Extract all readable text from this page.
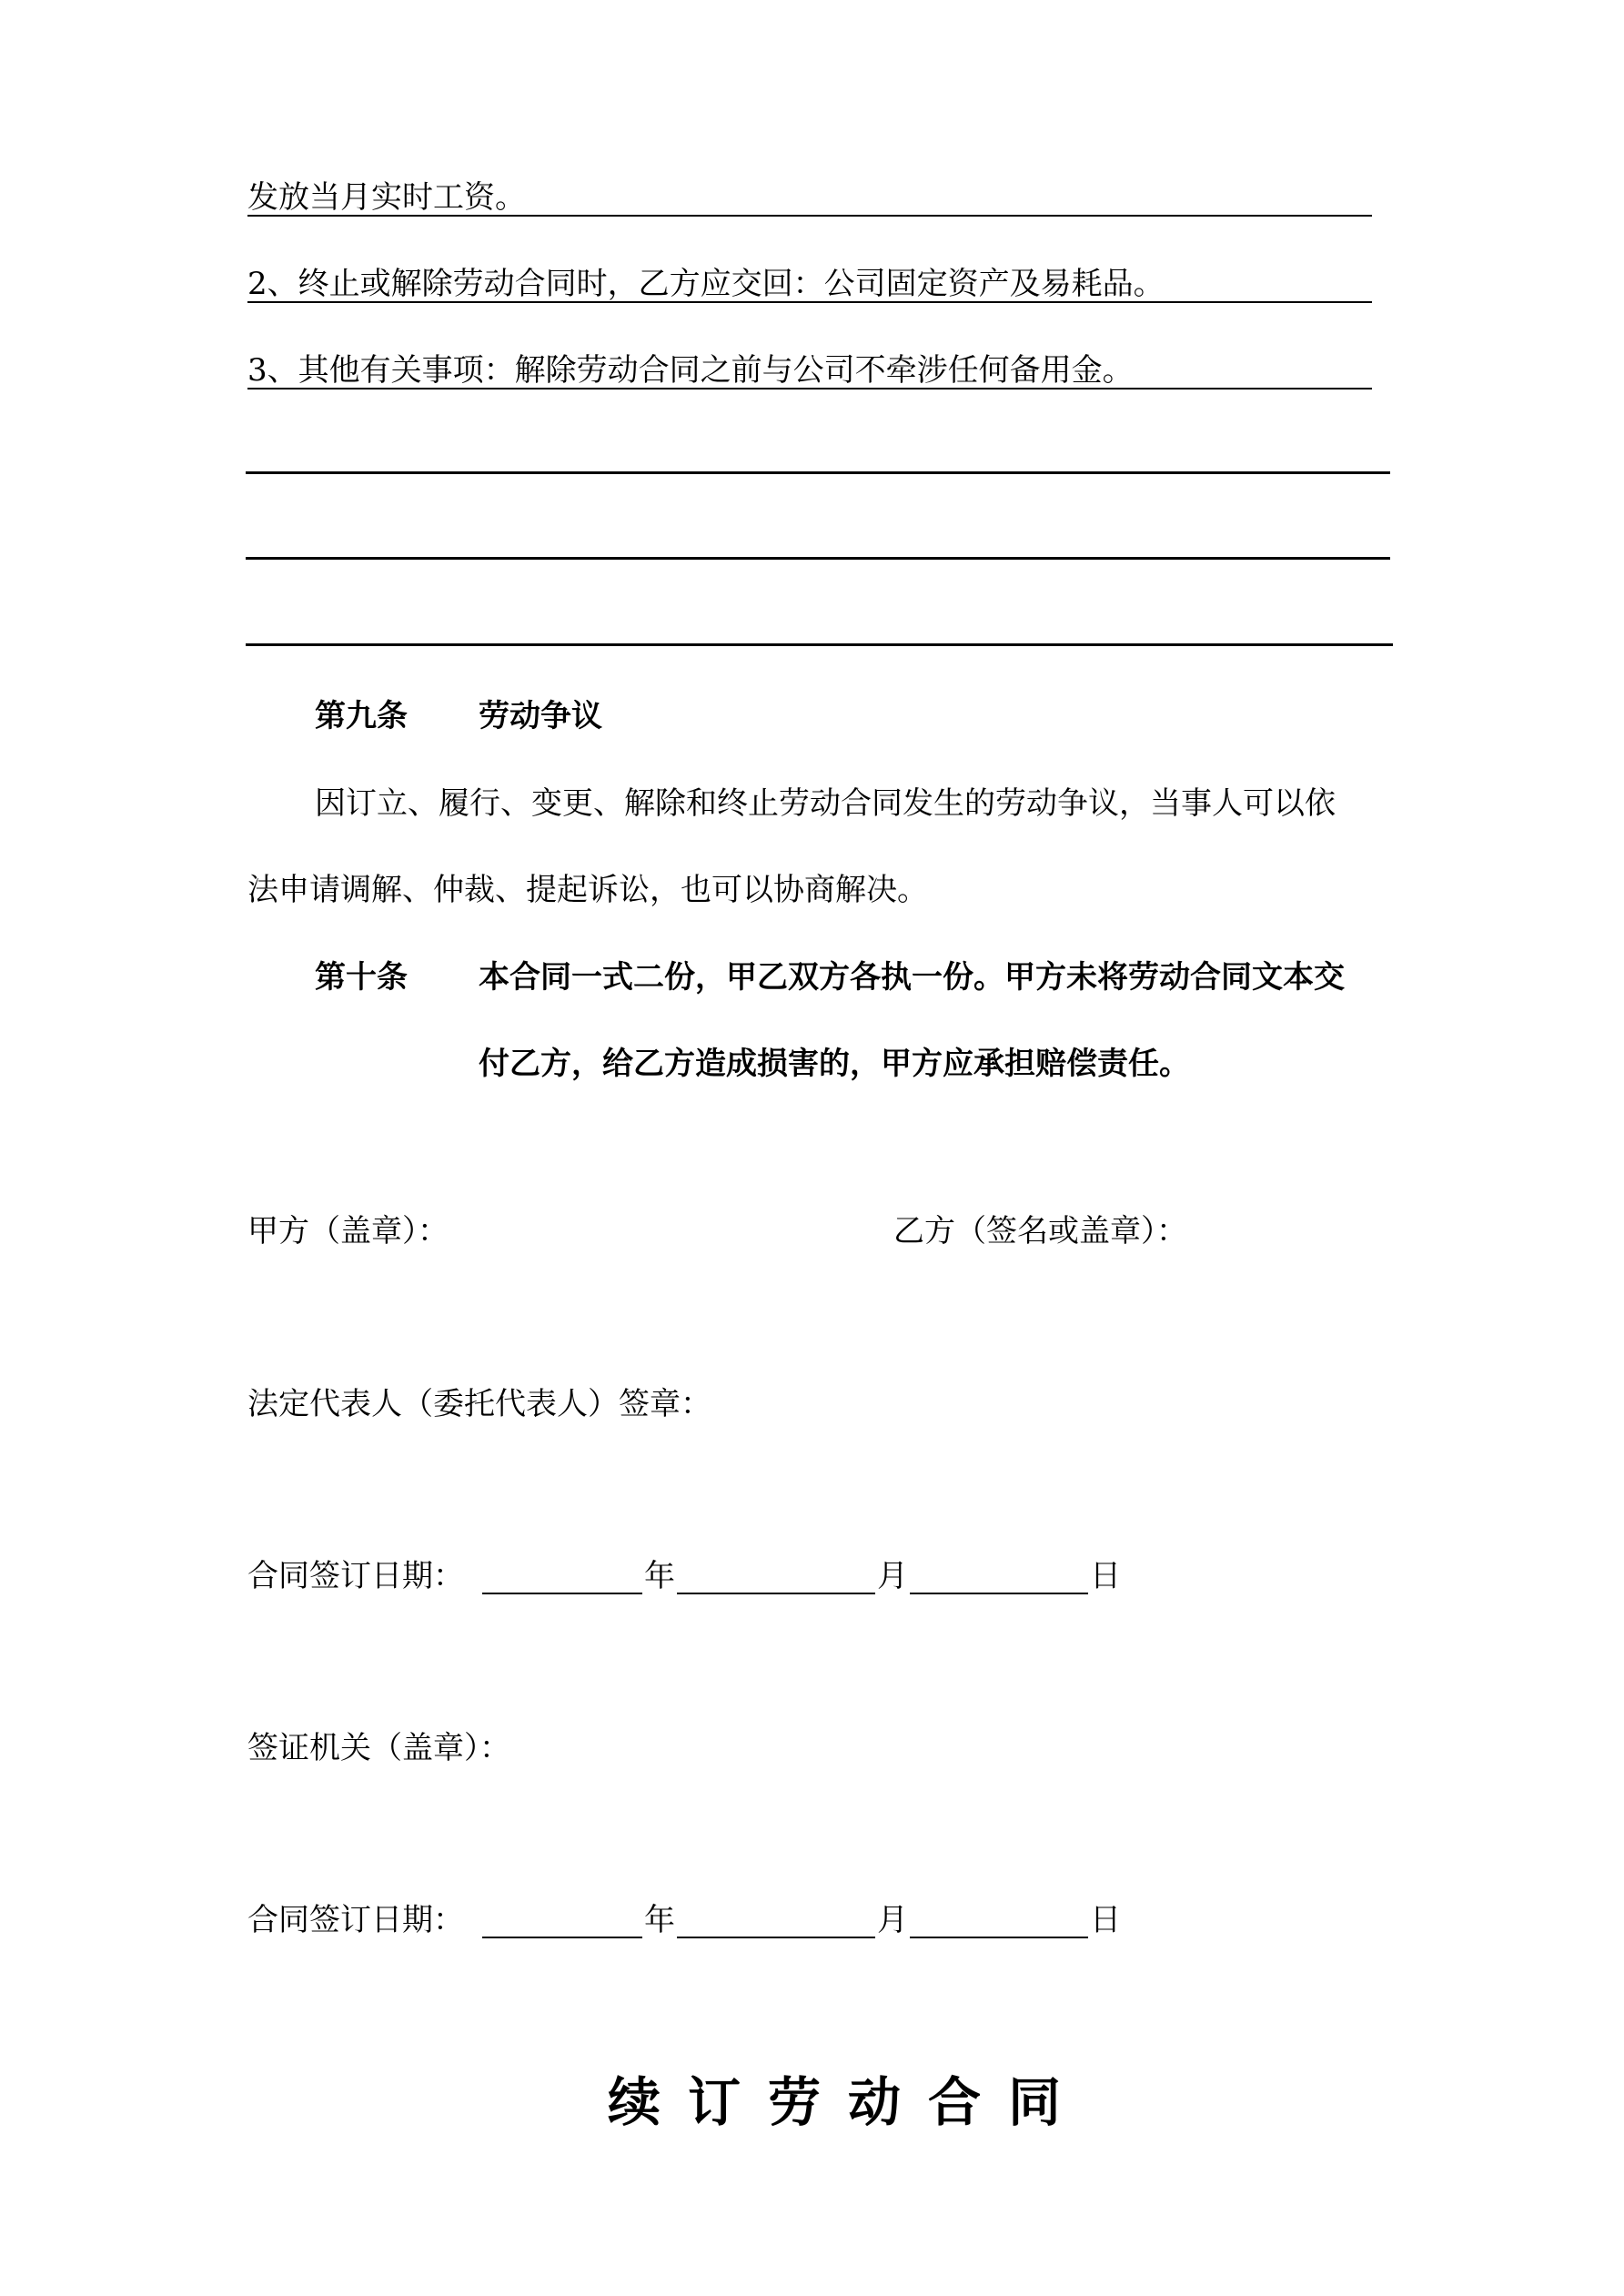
发放当月实时工资。
2、终止或解除劳动合同时，乙方应交回：公司固定资产及易耗品。
3、其他有关事项：解除劳动合同之前与公司不牵涉任何备用金。
第九条 劳动争议
因订立、履行、变更、解除和终止劳动合同发生的劳动争议，当事人可以依
法申请调解、仲裁、提起诉讼，也可以协商解决。
第十条 本合同一式二份，甲乙双方各执一份。甲方未将劳动合同文本交
付乙方，给乙方造成损害的，甲方应承担赔偿责任。
甲方（盖章）：	乙方（签名或盖章）：
法定代表人（委托代表人）签章：
合同签订日期：	年	月	日
签证机关（盖章）：
合同签订日期：	年	月	日
续订劳动合同
